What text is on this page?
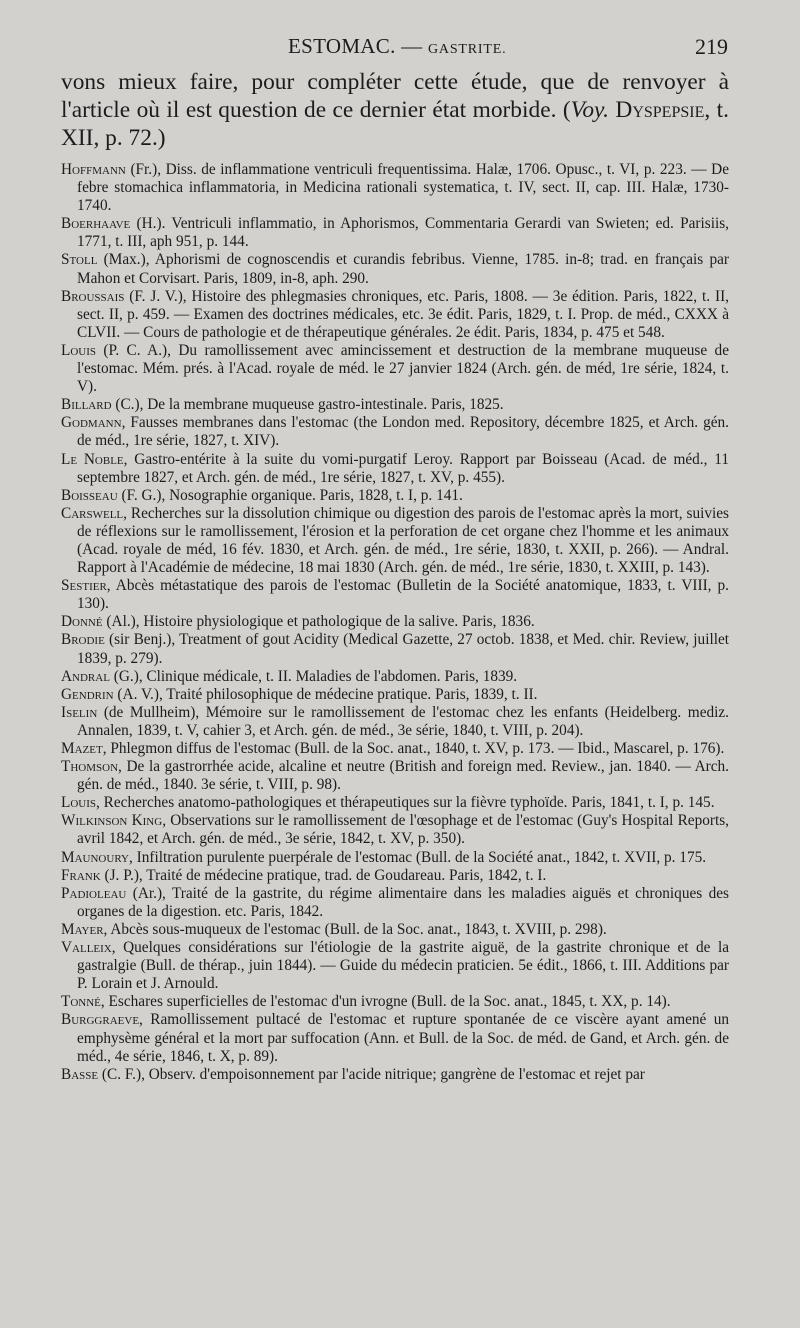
ESTOMAC. — GASTRITE.	219
vons mieux faire, pour compléter cette étude, que de renvoyer à l'article où il est question de ce dernier état morbide. (Voy. Dyspepsie, t. XII, p. 72.)
Hoffmann (Fr.), Diss. de inflammatione ventriculi frequentissima. Halæ, 1706. Opusc., t. VI, p. 223. — De febre stomachica inflammatoria, in Medicina rationali systematica, t. IV, sect. II, cap. III. Halæ, 1730-1740.
Boerhaave (H.). Ventriculi inflammatio, in Aphorismos, Commentaria Gerardi van Swieten; ed. Parisiis, 1771, t. III, aph 951, p. 144.
Stoll (Max.), Aphorismi de cognoscendis et curandis febribus. Vienne, 1785. in-8; trad. en français par Mahon et Corvisart. Paris, 1809, in-8, aph. 290.
Broussais (F. J. V.), Histoire des phlegmasies chroniques, etc. Paris, 1808. — 3e édition. Paris, 1822, t. II, sect. II, p. 459. — Examen des doctrines médicales, etc. 3e édit. Paris, 1829, t. I. Prop. de méd., CXXX à CLVII. — Cours de pathologie et de thérapeutique générales. 2e édit. Paris, 1834, p. 475 et 548.
Louis (P. C. A.), Du ramollissement avec amincissement et destruction de la membrane muqueuse de l'estomac. Mém. prés. à l'Acad. royale de méd. le 27 janvier 1824 (Arch. gén. de méd, 1re série, 1824, t. V).
Billard (C.), De la membrane muqueuse gastro-intestinale. Paris, 1825.
Godmann, Fausses membranes dans l'estomac (the London med. Repository, décembre 1825, et Arch. gén. de méd., 1re série, 1827, t. XIV).
Le Noble, Gastro-entérite à la suite du vomi-purgatif Leroy. Rapport par Boisseau (Acad. de méd., 11 septembre 1827, et Arch. gén. de méd., 1re série, 1827, t. XV, p. 455).
Boisseau (F. G.), Nosographie organique. Paris, 1828, t. I, p. 141.
Carswell, Recherches sur la dissolution chimique ou digestion des parois de l'estomac après la mort, suivies de réflexions sur le ramollissement, l'érosion et la perforation de cet organe chez l'homme et les animaux (Acad. royale de méd, 16 fév. 1830, et Arch. gén. de méd., 1re série, 1830, t. XXII, p. 266). — Andral. Rapport à l'Académie de médecine, 18 mai 1830 (Arch. gén. de méd., 1re série, 1830, t. XXIII, p. 143).
Sestier, Abcès métastatique des parois de l'estomac (Bulletin de la Société anatomique, 1833, t. VIII, p. 130).
Donné (Al.), Histoire physiologique et pathologique de la salive. Paris, 1836.
Brodie (sir Benj.), Treatment of gout Acidity (Medical Gazette, 27 octob. 1838, et Med. chir. Review, juillet 1839, p. 279).
Andral (G.), Clinique médicale, t. II. Maladies de l'abdomen. Paris, 1839.
Gendrin (A. V.), Traité philosophique de médecine pratique. Paris, 1839, t. II.
Iselin (de Mullheim), Mémoire sur le ramollissement de l'estomac chez les enfants (Heidelberg. mediz. Annalen, 1839, t. V, cahier 3, et Arch. gén. de méd., 3e série, 1840, t. VIII, p. 204).
Mazet, Phlegmon diffus de l'estomac (Bull. de la Soc. anat., 1840, t. XV, p. 173. — Ibid., Mascarel, p. 176).
Thomson, De la gastrorrhée acide, alcaline et neutre (British and foreign med. Review., jan. 1840. — Arch. gén. de méd., 1840. 3e série, t. VIII, p. 98).
Louis, Recherches anatomo-pathologiques et thérapeutiques sur la fièvre typhoïde. Paris, 1841, t. I, p. 145.
Wilkinson King, Observations sur le ramollissement de l'œsophage et de l'estomac (Guy's Hospital Reports, avril 1842, et Arch. gén. de méd., 3e série, 1842, t. XV, p. 350).
Maunoury, Infiltration purulente puerpérale de l'estomac (Bull. de la Société anat., 1842, t. XVII, p. 175.
Frank (J. P.), Traité de médecine pratique, trad. de Goudareau. Paris, 1842, t. I.
Padioleau (Ar.), Traité de la gastrite, du régime alimentaire dans les maladies aiguës et chroniques des organes de la digestion. etc. Paris, 1842.
Mayer, Abcès sous-muqueux de l'estomac (Bull. de la Soc. anat., 1843, t. XVIII, p. 298).
Valleix, Quelques considérations sur l'étiologie de la gastrite aiguë, de la gastrite chronique et de la gastralgie (Bull. de thérap., juin 1844). — Guide du médecin praticien. 5e édit., 1866, t. III. Additions par P. Lorain et J. Arnould.
Tonné, Eschares superficielles de l'estomac d'un ivrogne (Bull. de la Soc. anat., 1845, t. XX, p. 14).
Burggraeve, Ramollissement pultacé de l'estomac et rupture spontanée de ce viscère ayant amené un emphysème général et la mort par suffocation (Ann. et Bull. de la Soc. de méd. de Gand, et Arch. gén. de méd., 4e série, 1846, t. X, p. 89).
Basse (C. F.), Observ. d'empoisonnement par l'acide nitrique; gangrène de l'estomac et rejet par
